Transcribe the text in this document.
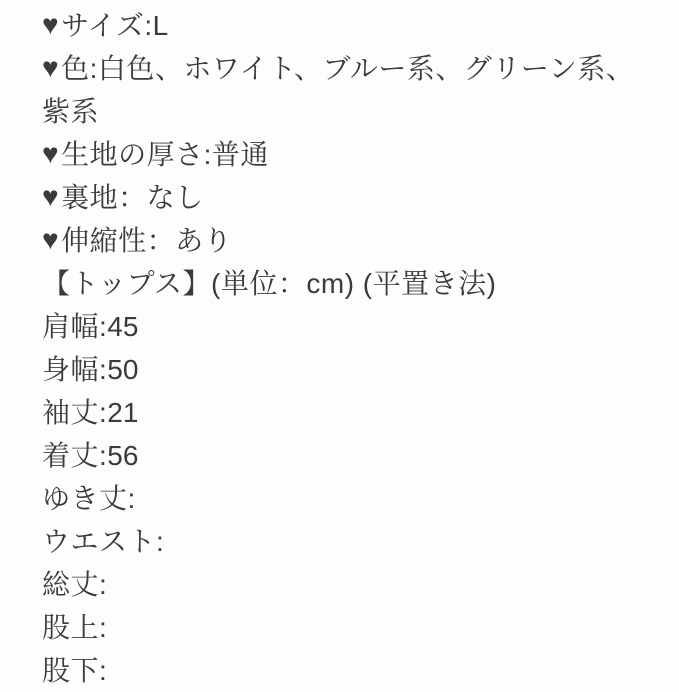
♥サイズ:L
♥色:白色、ホワイト、ブルー系、グリーン系、紫系
♥生地の厚さ:普通
♥裏地：なし
♥伸縮性：あり
【トップス】(単位：cm) (平置き法)
肩幅:45
身幅:50
袖丈:21
着丈:56
ゆき丈:
ウエスト:
総丈:
股上:
股下:
